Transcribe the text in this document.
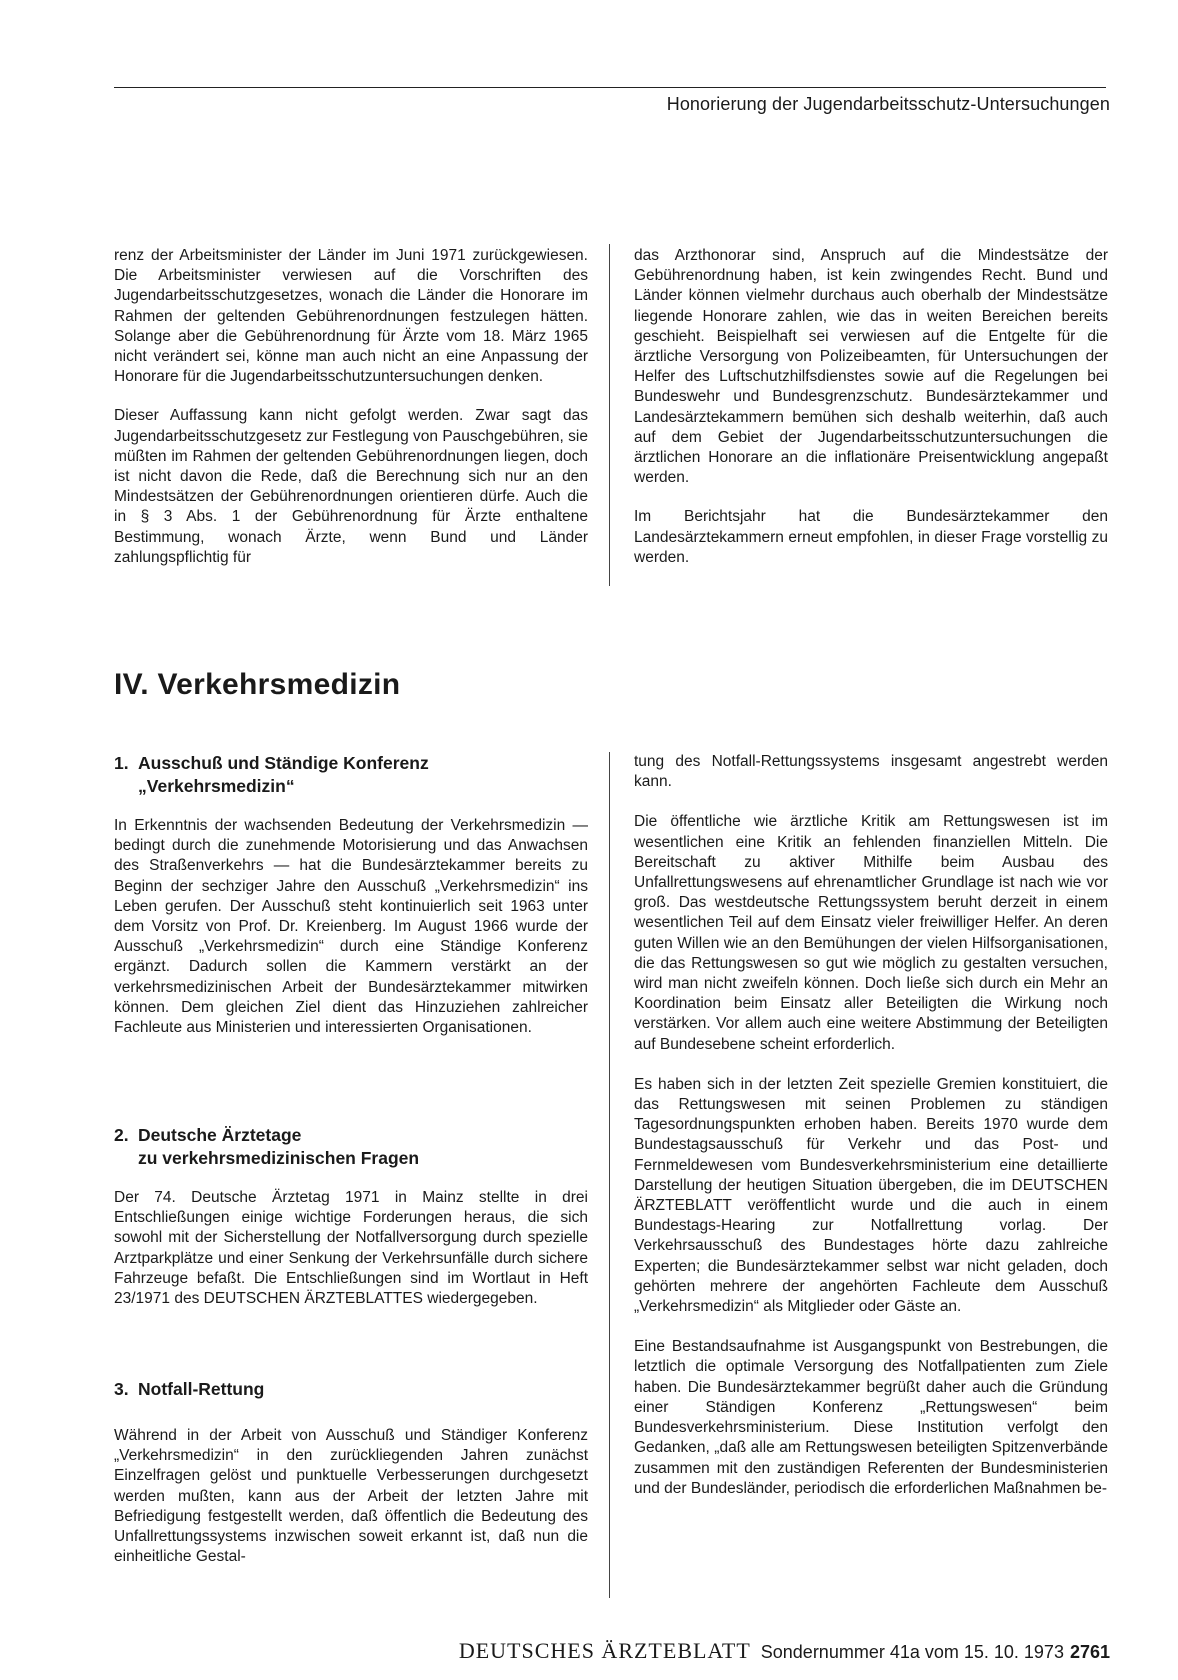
Honorierung der Jugendarbeitsschutz-Untersuchungen

renz der Arbeitsminister der Länder im Juni 1971 zurückgewiesen. Die Arbeitsminister verwiesen auf die Vorschriften des Jugendarbeitsschutzgesetzes, wonach die Länder die Honorare im Rahmen der geltenden Gebührenordnungen festzulegen hätten. Solange aber die Gebührenordnung für Ärzte vom 18. März 1965 nicht verändert sei, könne man auch nicht an eine Anpassung der Honorare für die Jugendarbeitsschutzuntersuchungen denken.

Dieser Auffassung kann nicht gefolgt werden. Zwar sagt das Jugendarbeitsschutzgesetz zur Festlegung von Pauschgebühren, sie müßten im Rahmen der geltenden Gebührenordnungen liegen, doch ist nicht davon die Rede, daß die Berechnung sich nur an den Mindestsätzen der Gebührenordnungen orientieren dürfe. Auch die in § 3 Abs. 1 der Gebührenordnung für Ärzte enthaltene Bestimmung, wonach Ärzte, wenn Bund und Länder zahlungspflichtig für

das Arzthonorar sind, Anspruch auf die Mindestsätze der Gebührenordnung haben, ist kein zwingendes Recht. Bund und Länder können vielmehr durchaus auch oberhalb der Mindestsätze liegende Honorare zahlen, wie das in weiten Bereichen bereits geschieht. Beispielhaft sei verwiesen auf die Entgelte für die ärztliche Versorgung von Polizeibeamten, für Untersuchungen der Helfer des Luftschutzhilfsdienstes sowie auf die Regelungen bei Bundeswehr und Bundesgrenzschutz. Bundesärztekammer und Landesärztekammern bemühen sich deshalb weiterhin, daß auch auf dem Gebiet der Jugendarbeitsschutzuntersuchungen die ärztlichen Honorare an die inflationäre Preisentwicklung angepaßt werden.

Im Berichtsjahr hat die Bundesärztekammer den Landesärztekammern erneut empfohlen, in dieser Frage vorstellig zu werden.

IV. Verkehrsmedizin
1. Ausschuß und Ständige Konferenz
„Verkehrsmedizin“

In Erkenntnis der wachsenden Bedeutung der Verkehrsmedizin — bedingt durch die zunehmende Motorisierung und das Anwachsen des Straßenverkehrs — hat die Bundesärztekammer bereits zu Beginn der sechziger Jahre den Ausschuß „Verkehrsmedizin“ ins Leben gerufen. Der Ausschuß steht kontinuierlich seit 1963 unter dem Vorsitz von Prof. Dr. Kreienberg. Im August 1966 wurde der Ausschuß „Verkehrsmedizin“ durch eine Ständige Konferenz ergänzt. Dadurch sollen die Kammern verstärkt an der verkehrsmedizinischen Arbeit der Bundesärztekammer mitwirken können. Dem gleichen Ziel dient das Hinzuziehen zahlreicher Fachleute aus Ministerien und interessierten Organisationen.

2. Deutsche Ärztetage
zu verkehrsmedizinischen Fragen

Der 74. Deutsche Ärztetag 1971 in Mainz stellte in drei Entschließungen einige wichtige Forderungen heraus, die sich sowohl mit der Sicherstellung der Notfallversorgung durch spezielle Arztparkplätze und einer Senkung der Verkehrsunfälle durch sichere Fahrzeuge befaßt. Die Entschließungen sind im Wortlaut in Heft 23/1971 des DEUTSCHEN ÄRZTEBLATTES wiedergegeben.

3. Notfall-Rettung

Während in der Arbeit von Ausschuß und Ständiger Konferenz „Verkehrsmedizin“ in den zurückliegenden Jahren zunächst Einzelfragen gelöst und punktuelle Verbesserungen durchgesetzt werden mußten, kann aus der Arbeit der letzten Jahre mit Befriedigung festgestellt werden, daß öffentlich die Bedeutung des Unfallrettungssystems inzwischen soweit erkannt ist, daß nun die einheitliche Gestal-

tung des Notfall-Rettungssystems insgesamt angestrebt werden kann.

Die öffentliche wie ärztliche Kritik am Rettungswesen ist im wesentlichen eine Kritik an fehlenden finanziellen Mitteln. Die Bereitschaft zu aktiver Mithilfe beim Ausbau des Unfallrettungswesens auf ehrenamtlicher Grundlage ist nach wie vor groß. Das westdeutsche Rettungssystem beruht derzeit in einem wesentlichen Teil auf dem Einsatz vieler freiwilliger Helfer. An deren guten Willen wie an den Bemühungen der vielen Hilfsorganisationen, die das Rettungswesen so gut wie möglich zu gestalten versuchen, wird man nicht zweifeln können. Doch ließe sich durch ein Mehr an Koordination beim Einsatz aller Beteiligten die Wirkung noch verstärken. Vor allem auch eine weitere Abstimmung der Beteiligten auf Bundesebene scheint erforderlich.

Es haben sich in der letzten Zeit spezielle Gremien konstituiert, die das Rettungswesen mit seinen Problemen zu ständigen Tagesordnungspunkten erhoben haben. Bereits 1970 wurde dem Bundestagsausschuß für Verkehr und das Post- und Fernmeldewesen vom Bundesverkehrsministerium eine detaillierte Darstellung der heutigen Situation übergeben, die im DEUTSCHEN ÄRZTEBLATT veröffentlicht wurde und die auch in einem Bundestags-Hearing zur Notfallrettung vorlag. Der Verkehrsausschuß des Bundestages hörte dazu zahlreiche Experten; die Bundesärztekammer selbst war nicht geladen, doch gehörten mehrere der angehörten Fachleute dem Ausschuß „Verkehrsmedizin“ als Mitglieder oder Gäste an.

Eine Bestandsaufnahme ist Ausgangspunkt von Bestrebungen, die letztlich die optimale Versorgung des Notfallpatienten zum Ziele haben. Die Bundesärztekammer begrüßt daher auch die Gründung einer Ständigen Konferenz „Rettungswesen“ beim Bundesverkehrsministerium. Diese Institution verfolgt den Gedanken, „daß alle am Rettungswesen beteiligten Spitzenverbände zusammen mit den zuständigen Referenten der Bundesministerien und der Bundesländer, periodisch die erforderlichen Maßnahmen be-

DEUTSCHES ÄRZTEBLATT Sondernummer 41a vom 15. 10. 1973 2761
